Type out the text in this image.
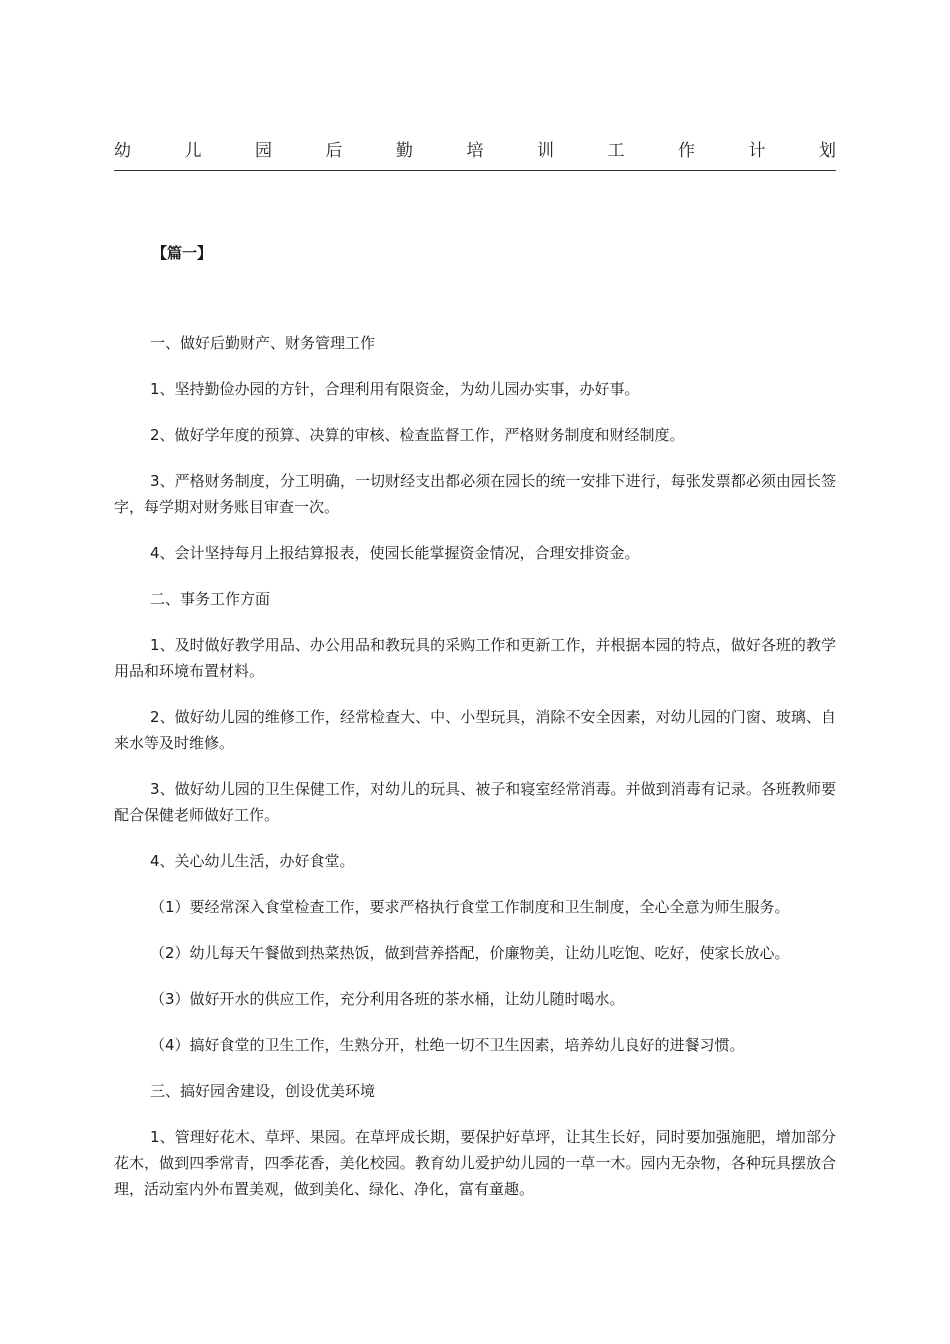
幼	儿	园	后	勤	培	训	工	作	计	划
【篇一】

一、做好后勤财产、财务管理工作

1、坚持勤俭办园的方针，合理利用有限资金，为幼儿园办实事，办好事。

2、做好学年度的预算、决算的审核、检查监督工作，严格财务制度和财经制度。

3、严格财务制度，分工明确，一切财经支出都必须在园长的统一安排下进行，每张发票都必须由园长签字，每学期对财务账目审查一次。

4、会计坚持每月上报结算报表，使园长能掌握资金情况，合理安排资金。

二、事务工作方面

1、及时做好教学用品、办公用品和教玩具的采购工作和更新工作，并根据本园的特点，做好各班的教学用品和环境布置材料。

2、做好幼儿园的维修工作，经常检查大、中、小型玩具，消除不安全因素，对幼儿园的门窗、玻璃、自来水等及时维修。

3、做好幼儿园的卫生保健工作，对幼儿的玩具、被子和寝室经常消毒。并做到消毒有记录。各班教师要配合保健老师做好工作。

4、关心幼儿生活，办好食堂。

（1）要经常深入食堂检查工作，要求严格执行食堂工作制度和卫生制度，全心全意为师生服务。

（2）幼儿每天午餐做到热菜热饭，做到营养搭配，价廉物美，让幼儿吃饱、吃好，使家长放心。

（3）做好开水的供应工作，充分利用各班的茶水桶，让幼儿随时喝水。

（4）搞好食堂的卫生工作，生熟分开，杜绝一切不卫生因素，培养幼儿良好的进餐习惯。

三、搞好园舍建设，创设优美环境

1、管理好花木、草坪、果园。在草坪成长期，要保护好草坪，让其生长好，同时要加强施肥，增加部分花木，做到四季常青，四季花香，美化校园。教育幼儿爱护幼儿园的一草一木。园内无杂物，各种玩具摆放合理，活动室内外布置美观，做到美化、绿化、净化，富有童趣。
